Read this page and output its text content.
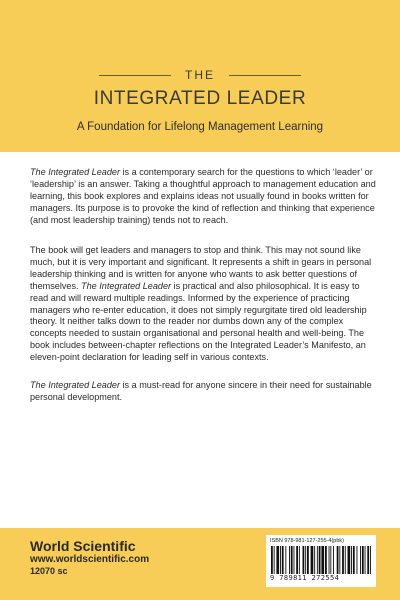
THE
INTEGRATED LEADER
A Foundation for Lifelong Management Learning

The Integrated Leader is a contemporary search for the questions to which ‘leader’ or ‘leadership’ is an answer. Taking a thoughtful approach to management education and learning, this book explores and explains ideas not usually found in books written for managers. Its purpose is to provoke the kind of reflection and thinking that experience (and most leadership training) tends not to reach.

The book will get leaders and managers to stop and think. This may not sound like much, but it is very important and significant. It represents a shift in gears in personal leadership thinking and is written for anyone who wants to ask better questions of themselves. The Integrated Leader is practical and also philosophical. It is easy to read and will reward multiple readings. Informed by the experience of practicing managers who re-enter education, it does not simply regurgitate tired old leadership theory. It neither talks down to the reader nor dumbs down any of the complex concepts needed to sustain organisational and personal health and well-being. The book includes between-chapter reflections on the Integrated Leader’s Manifesto, an eleven-point declaration for leading self in various contexts.

The Integrated Leader is a must-read for anyone sincere in their need for sustainable personal development.

World Scientific
www.worldscientific.com
12070 sc
ISBN 978-981-127-255-4(pbk)
9 789811 272554
